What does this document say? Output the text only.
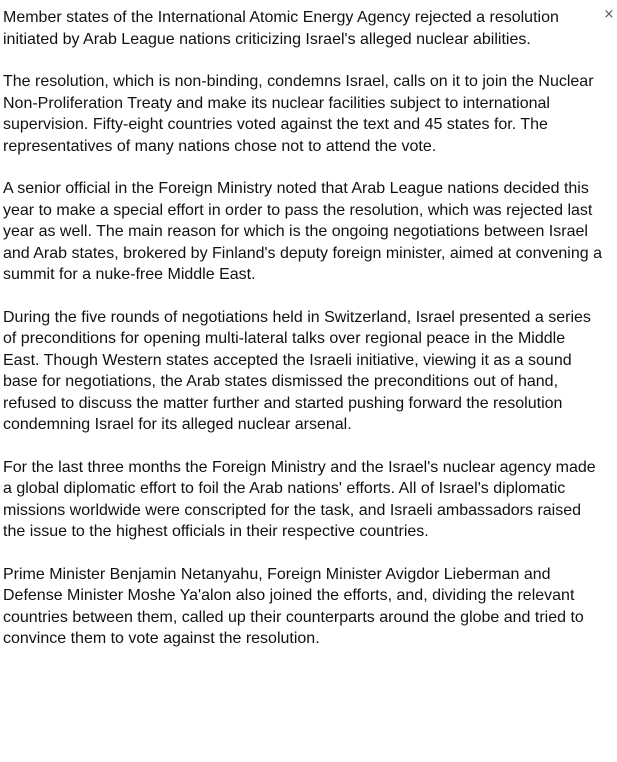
Member states of the International Atomic Energy Agency rejected a resolution initiated by Arab League nations criticizing Israel's alleged nuclear abilities.

The resolution, which is non-binding, condemns Israel, calls on it to join the Nuclear Non-Proliferation Treaty and make its nuclear facilities subject to international supervision. Fifty-eight countries voted against the text and 45 states for. The representatives of many nations chose not to attend the vote.

A senior official in the Foreign Ministry noted that Arab League nations decided this year to make a special effort in order to pass the resolution, which was rejected last year as well. The main reason for which is the ongoing negotiations between Israel and Arab states, brokered by Finland's deputy foreign minister, aimed at convening a summit for a nuke-free Middle East.

During the five rounds of negotiations held in Switzerland, Israel presented a series of preconditions for opening multi-lateral talks over regional peace in the Middle East. Though Western states accepted the Israeli initiative, viewing it as a sound base for negotiations, the Arab states dismissed the preconditions out of hand, refused to discuss the matter further and started pushing forward the resolution condemning Israel for its alleged nuclear arsenal.

For the last three months the Foreign Ministry and the Israel's nuclear agency made a global diplomatic effort to foil the Arab nations' efforts. All of Israel's diplomatic missions worldwide were conscripted for the task, and Israeli ambassadors raised the issue to the highest officials in their respective countries.

Prime Minister Benjamin Netanyahu, Foreign Minister Avigdor Lieberman and Defense Minister Moshe Ya'alon also joined the efforts, and, dividing the relevant countries between them, called up their counterparts around the globe and tried to convince them to vote against the resolution.

×
